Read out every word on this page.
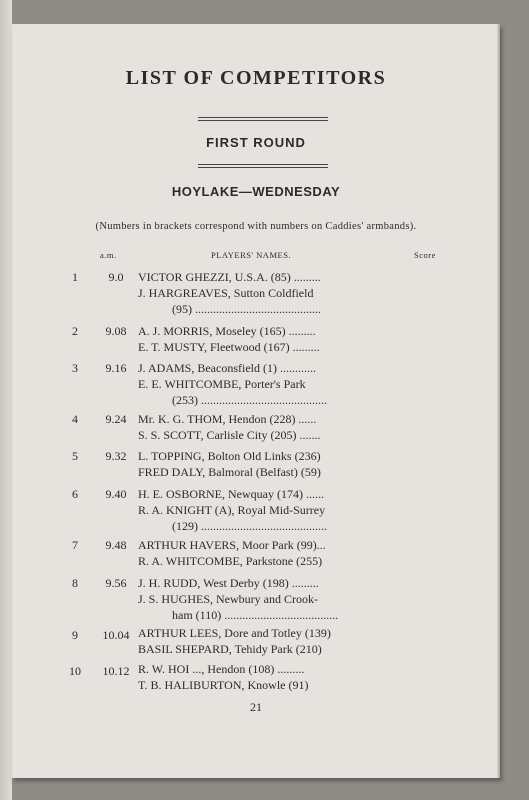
LIST OF COMPETITORS
FIRST ROUND
HOYLAKE—WEDNESDAY
(Numbers in brackets correspond with numbers on Caddies' armbands).
a.m.	PLAYERS' NAMES.	Score
1	9.0	VICTOR GHEZZI, U.S.A. (85) .........
J. HARGREAVES, Sutton Coldfield
(95) ..........................................
2	9.08 A. J. MORRIS, Moseley (165) .........
E. T. MUSTY, Fleetwood (167) .........
3	9.16 J. ADAMS, Beaconsfield (1) ............
E. E. WHITCOMBE, Porter's Park
(253) ..........................................
4	9.24 Mr. K. G. THOM, Hendon (228) ......
S. S. SCOTT, Carlisle City (205) .......
5	9.32 L. TOPPING, Bolton Old Links (236)
FRED DALY, Balmoral (Belfast) (59)
6	9.40 H. E. OSBORNE, Newquay (174) ......
R. A. KNIGHT (A), Royal Mid-Surrey
(129) ..........................................
7	9.48 ARTHUR HAVERS, Moor Park (99)...
R. A. WHITCOMBE, Parkstone (255)
8	9.56 J. H. RUDD, West Derby (198) .........
J. S. HUGHES, Newbury and Crook-
ham (110) ......................................
9	10.04 ARTHUR LEES, Dore and Totley (139)
BASIL SHEPARD, Tehidy Park (210)
10	10.12 R. W. HOI ..., Hendon (108) .........
T. B. HALIBURTON, Knowle (91)
21
